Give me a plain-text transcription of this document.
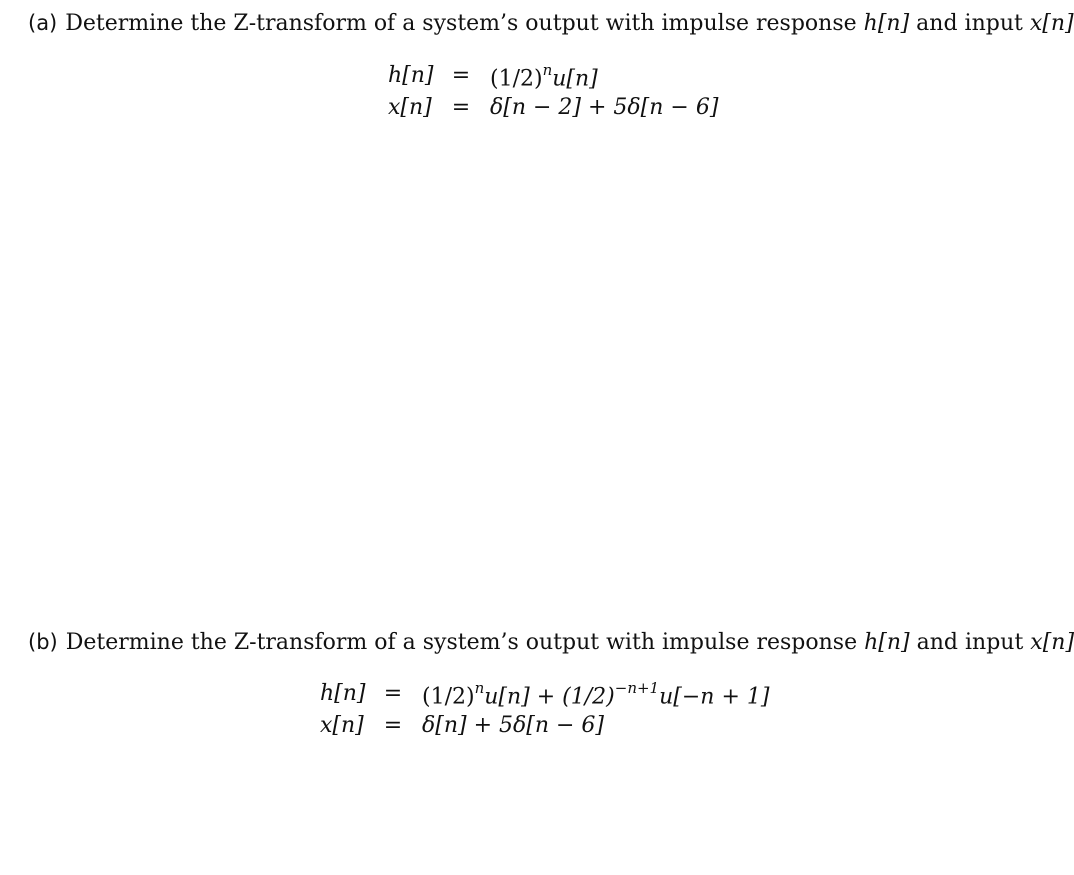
(a) Determine the Z-transform of a system’s output with impulse response h[n] and input x[n]
$h[n] = (1/2)^nu[n]$
x[n] = δ[n − 2] + 5δ[n − 6]
(b) Determine the Z-transform of a system’s output with impulse response h[n] and input x[n]
$h[n] = (1/2)^nu[n] + (1/2)^{-n+1}u[-n + 1]$
x[n] = δ[n] + 5δ[n − 6]
